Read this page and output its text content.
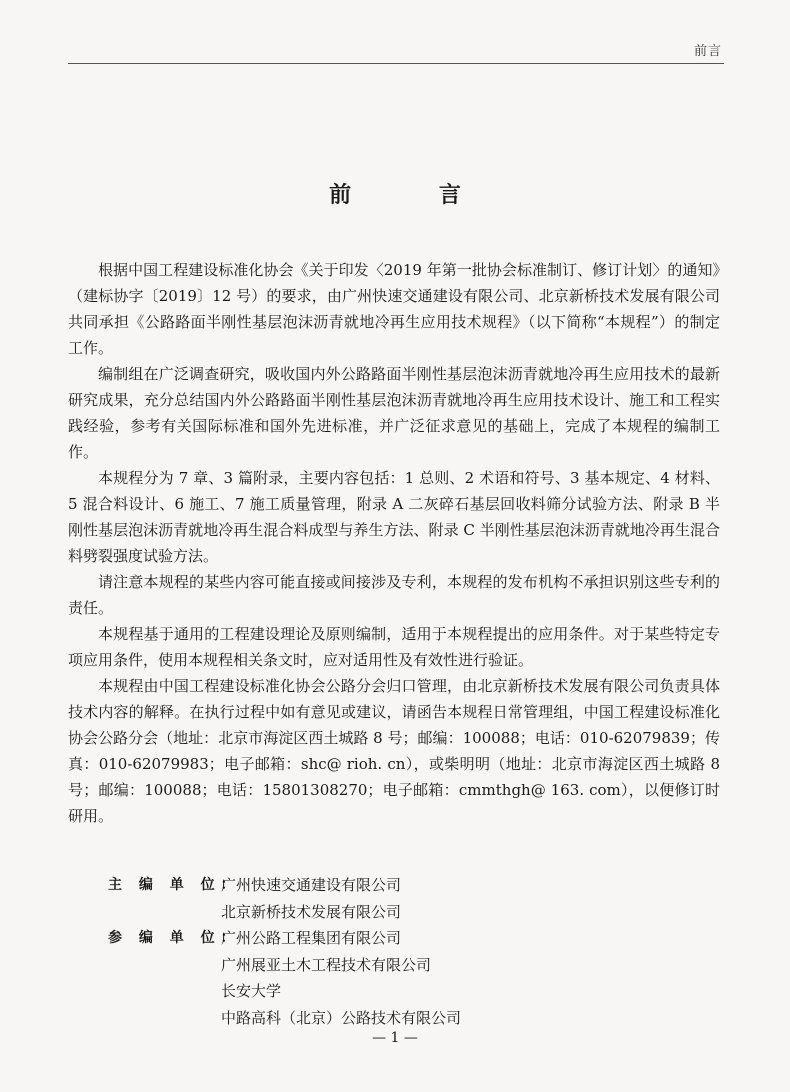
前言
前 言

根据中国工程建设标准化协会《关于印发〈2019 年第一批协会标准制订、修订计划〉的通知》（建标协字〔2019〕12 号）的要求，由广州快速交通建设有限公司、北京新桥技术发展有限公司共同承担《公路路面半刚性基层泡沫沥青就地冷再生应用技术规程》（以下简称“本规程”）的制定工作。

编制组在广泛调查研究，吸收国内外公路路面半刚性基层泡沫沥青就地冷再生应用技术的最新研究成果，充分总结国内外公路路面半刚性基层泡沫沥青就地冷再生应用技术设计、施工和工程实践经验，参考有关国际标准和国外先进标准，并广泛征求意见的基础上，完成了本规程的编制工作。

本规程分为 7 章、3 篇附录，主要内容包括：1 总则、2 术语和符号、3 基本规定、4 材料、5 混合料设计、6 施工、7 施工质量管理，附录 A 二灰碎石基层回收料筛分试验方法、附录 B 半刚性基层泡沫沥青就地冷再生混合料成型与养生方法、附录 C 半刚性基层泡沫沥青就地冷再生混合料劈裂强度试验方法。

请注意本规程的某些内容可能直接或间接涉及专利，本规程的发布机构不承担识别这些专利的责任。

本规程基于通用的工程建设理论及原则编制，适用于本规程提出的应用条件。对于某些特定专项应用条件，使用本规程相关条文时，应对适用性及有效性进行验证。

本规程由中国工程建设标准化协会公路分会归口管理，由北京新桥技术发展有限公司负责具体技术内容的解释。在执行过程中如有意见或建议，请函告本规程日常管理组，中国工程建设标准化协会公路分会（地址：北京市海淀区西土城路 8 号；邮编：100088；电话：010-62079839；传真：010-62079983；电子邮箱：shc@ rioh. cn），或柴明明（地址：北京市海淀区西土城路 8 号；邮编：100088；电话：15801308270；电子邮箱：cmmthgh@ 163. com），以便修订时研用。

主 编 单 位：
广州快速交通建设有限公司
北京新桥技术发展有限公司
参 编 单 位：
广州公路工程集团有限公司
广州展亚土木工程技术有限公司
长安大学
中路高科（北京）公路技术有限公司
— 1 —
